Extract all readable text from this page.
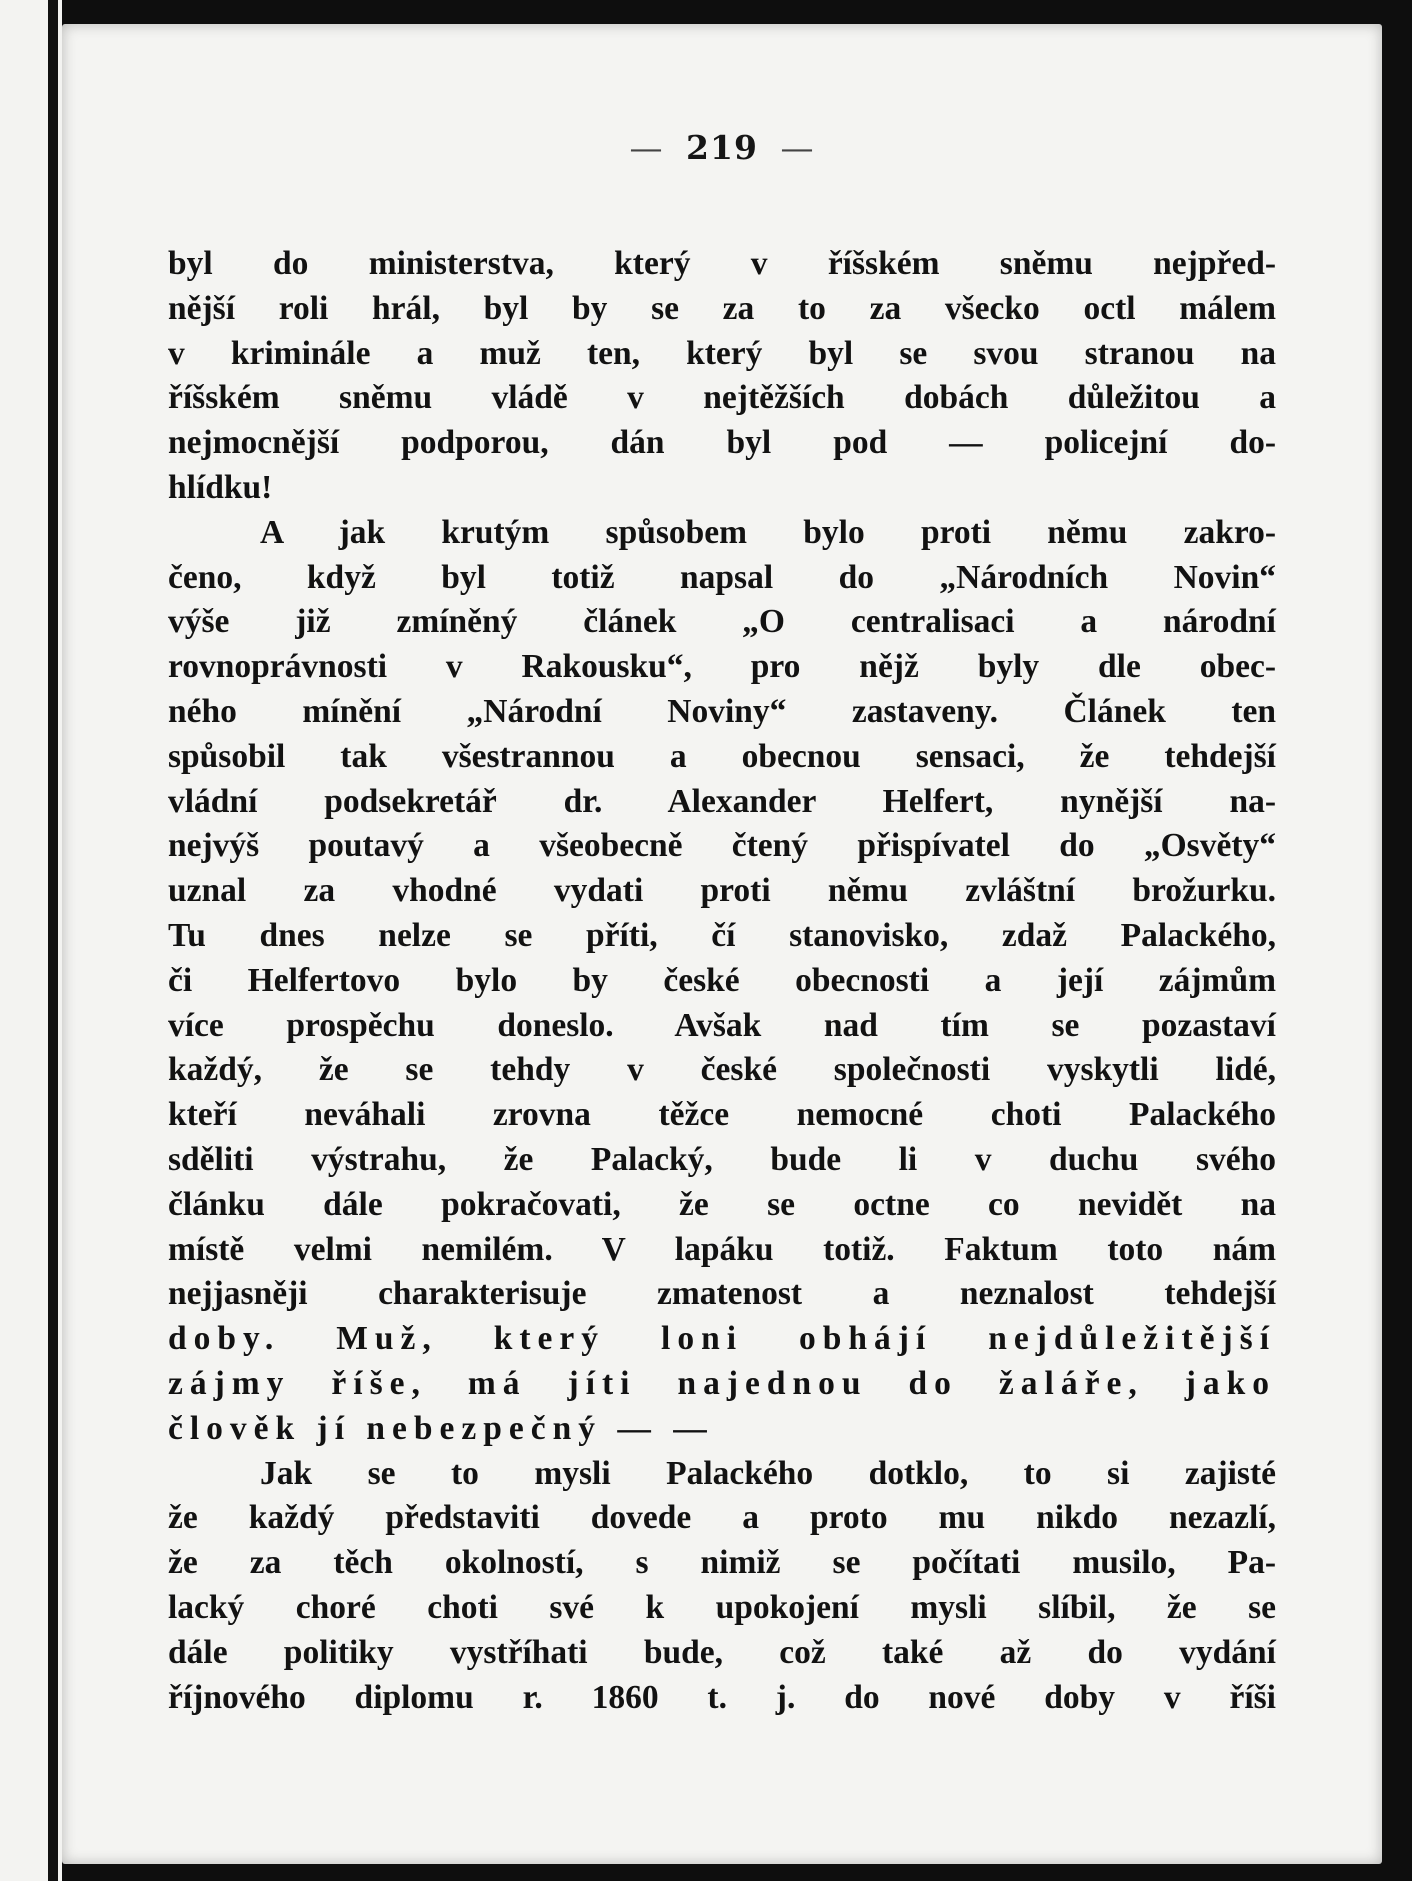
— 219 —
byl do ministerstva, který v říšském sněmu nejpřed-
nější roli hrál, byl by se za to za všecko octl málem
v kriminále a muž ten, který byl se svou stranou na
říšském sněmu vládě v nejtěžších dobách důležitou a
nejmocnější podporou, dán byl pod — policejní do-
hlídku!
A jak krutým spůsobem bylo proti němu zakro-
čeno, když byl totiž napsal do „Národních Novin“
výše již zmíněný článek „O centralisaci a národní
rovnoprávnosti v Rakousku“, pro nějž byly dle obec-
ného mínění „Národní Noviny“ zastaveny. Článek ten
spůsobil tak všestrannou a obecnou sensaci, že tehdejší
vládní podsekretář dr. Alexander Helfert, nynější na-
nejvýš poutavý a všeobecně čtený přispívatel do „Osvěty“
uznal za vhodné vydati proti němu zvláštní brožurku.
Tu dnes nelze se příti, čí stanovisko, zdaž Palackého,
či Helfertovo bylo by české obecnosti a její zájmům
více prospěchu doneslo. Avšak nad tím se pozastaví
každý, že se tehdy v české společnosti vyskytli lidé,
kteří neváhali zrovna těžce nemocné choti Palackého
sděliti výstrahu, že Palacký, bude li v duchu svého
článku dále pokračovati, že se octne co nevidět na
místě velmi nemilém. V lapáku totiž. Faktum toto nám
nejjasněji charakterisuje zmatenost a neznalost tehdejší
doby. Muž, který loni obhájí nejdůležitější
zájmy říše, má jíti najednou do žaláře, jako
člověk jí nebezpečný — —
Jak se to mysli Palackého dotklo, to si zajisté
že každý představiti dovede a proto mu nikdo nezazlí,
že za těch okolností, s nimiž se počítati musilo, Pa-
lacký choré choti své k upokojení mysli slíbil, že se
dále politiky vystříhati bude, což také až do vydání
říjnového diplomu r. 1860 t. j. do nové doby v říši
